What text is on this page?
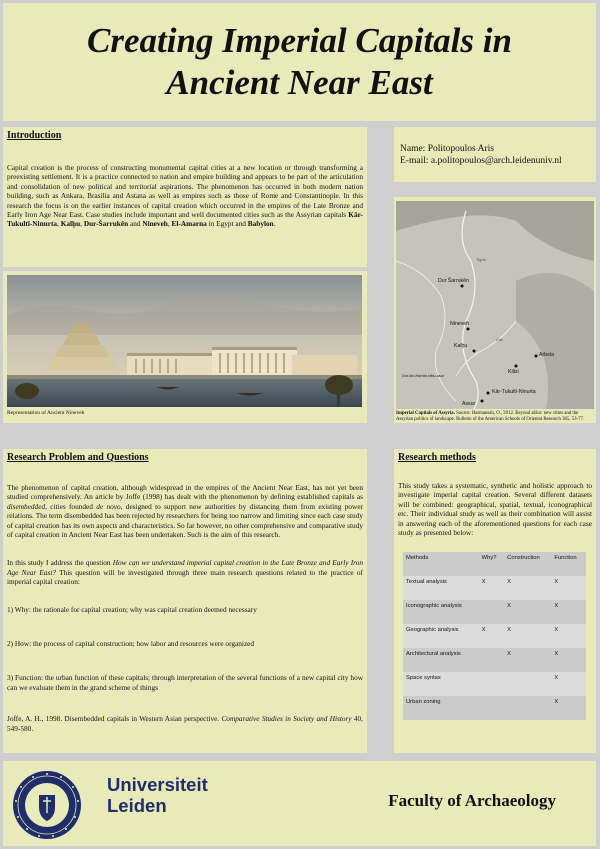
Creating Imperial Capitals in Ancient Near East

Introduction

Capital creation is the process of constructing monumental capital cities at a new location or through transforming a preexisting settlement. It is a practice connected to nation and empire building and appears to be part of the articulation and consolidation of new political and territorial aspirations. The phenomenon has occurred in both modern nation building, such as Ankara, Brasilia and Astana as well as empires such as those of Rome and Constantinople. In this research the focus is on the earlier instances of capital creation which occurred in the empires of the Late Bronze and Early Iron Age Near East. Case studies include important and well documented cities such as the Assyrian capitals Kār-Tukultī-Ninurta, Kalḫu, Dur-Šarrukēn and Nineveh, El-Amarna in Egypt and Babylon.

Name: Politopoulos Aris
E-mail: a.politopoulos@arch.leidenuniv.nl
Representation of Ancient Nineveh
Dur Šarrukēn
Nineveh
Kalḫu
Arbela
Kilizi
Dur-šin-Harrān-bēlu-usur
Assur
Kār-Tukultī-Ninurta
Tigris
Zab
Imperial Capitals of Assyria. Source: Harmansah, O., 2012. Beyond aššur: new cities and the Assyrian politics of landscape. Bulletin of the American Schools of Oriental Research 365, 53-77.

Research Problem and Questions

The phenomenon of capital creation, although widespread in the empires of the Ancient Near East, has not yet been studied comprehensively. An article by Joffe (1998) has dealt with the phenomenon by defining established capitals as disembedded, cities founded de novo, designed to support new authorities by distancing them from existing power relations. The term disembedded has been rejected by researchers for being too narrow and limiting since each case study of capital creation has its own aspects and characteristics. So far however, no other comprehensive and comparative study of capital creation in Ancient Near East has been undertaken. Such is the aim of this research.

In this study I address the question How can we understand imperial capital creation in the Late Bronze and Early Iron Age Near East? This question will be investigated through three main research questions related to the practice of imperial capital creation:

1) Why: the rationale for capital creation; why was capital creation deemed necessary

2) How: the process of capital construction; how labor and resources were organized

3) Function: the urban function of these capitals; through interpretation of the several functions of a new capital city how can we evaluate them in the grand scheme of things

Joffe, A. H., 1998. Disembedded capitals in Western Asian perspective. Comparative Studies in Society and History 40, 549-580.

Research methods

This study takes a systematic, synthetic and holistic approach to investigate imperial capital creation. Several different datasets will be combined: geographical, spatial, textual, iconographical etc. Their individual study as well as their combination will assist in answering each of the aforementioned questions for each case study as presented below:

Methods	Why?	Construction	Function
Textual analysis	X	X	X
Iconographic analysis		X	X
Geographic analysis	X	X	X
Architectural analysis		X	X
Space syntax			X
Urban zoning			X
Universiteit
Leiden	Faculty of Archaeology
